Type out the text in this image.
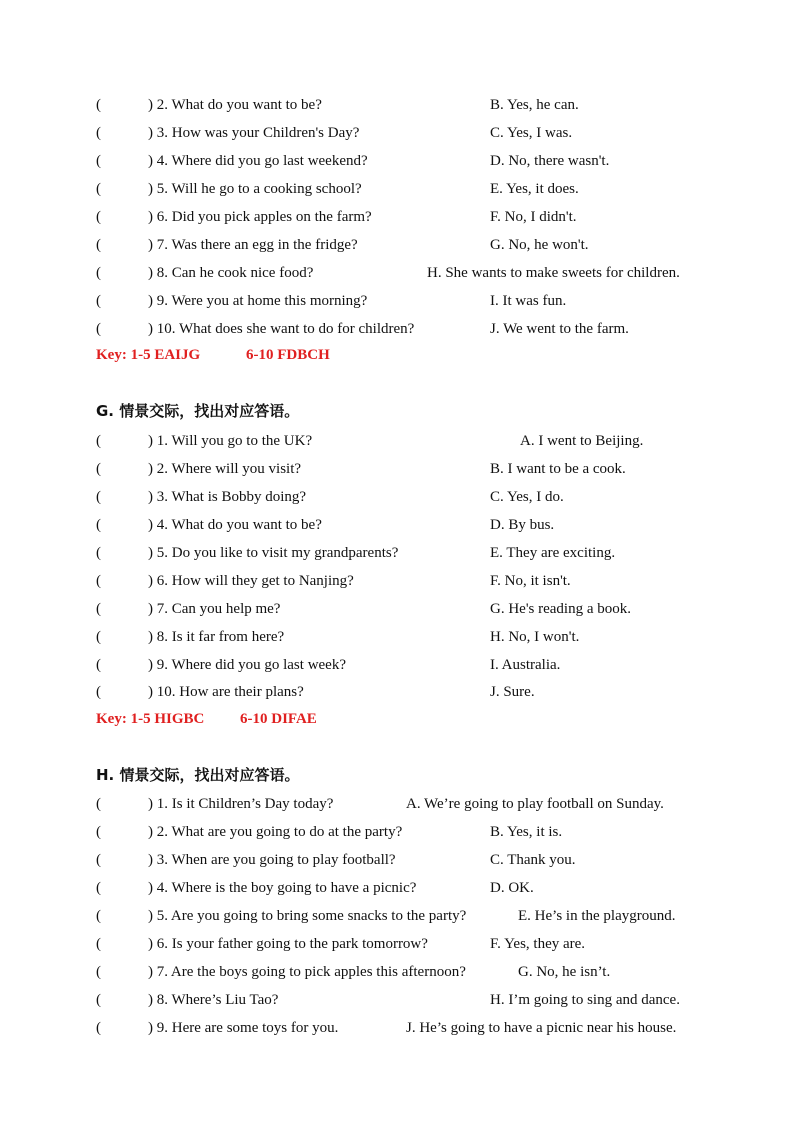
(	) 2. What do you want to be?	B. Yes, he can.
(	) 3. How was your Children's Day?	C. Yes, I was.
(	) 4. Where did you go last weekend?	D. No, there wasn't.
(	) 5. Will he go to a cooking school?	E. Yes, it does.
(	) 6. Did you pick apples on the farm?	F. No, I didn't.
(	) 7. Was there an egg in the fridge?	G. No, he won't.
(	) 8. Can he cook nice food?	H. She wants to make sweets for children.
(	) 9. Were you at home this morning?	I. It was fun.
(	) 10. What does she want to do for children?	J. We went to the farm.
Key: 1-5 EAIJG	6-10 FDBCH
G. 情景交际，找出对应答语。
(	) 1. Will you go to the UK?	A. I went to Beijing.
(	) 2. Where will you visit?	B. I want to be a cook.
(	) 3. What is Bobby doing?	C. Yes, I do.
(	) 4. What do you want to be?	D. By bus.
(	) 5. Do you like to visit my grandparents?	E. They are exciting.
(	) 6. How will they get to Nanjing?	F. No, it isn't.
(	) 7. Can you help me?	G. He's reading a book.
(	) 8. Is it far from here?	H. No, I won't.
(	) 9. Where did you go last week?	I. Australia.
(	) 10. How are their plans?	J. Sure.
Key: 1-5 HIGBC 6-10 DIFAE
H. 情景交际，找出对应答语。
(	) 1. Is it Children’s Day today?	A. We’re going to play football on Sunday.
(	) 2. What are you going to do at the party?	B. Yes, it is.
(	) 3. When are you going to play football?	C. Thank you.
(	) 4. Where is the boy going to have a picnic?	D. OK.
(	) 5. Are you going to bring some snacks to the party?	E. He’s in the playground.
(	) 6. Is your father going to the park tomorrow?	F. Yes, they are.
(	) 7. Are the boys going to pick apples this afternoon?	G. No, he isn’t.
(	) 8. Where’s Liu Tao?	H. I’m going to sing and dance.
(	) 9. Here are some toys for you.	J. He’s going to have a picnic near his house.
